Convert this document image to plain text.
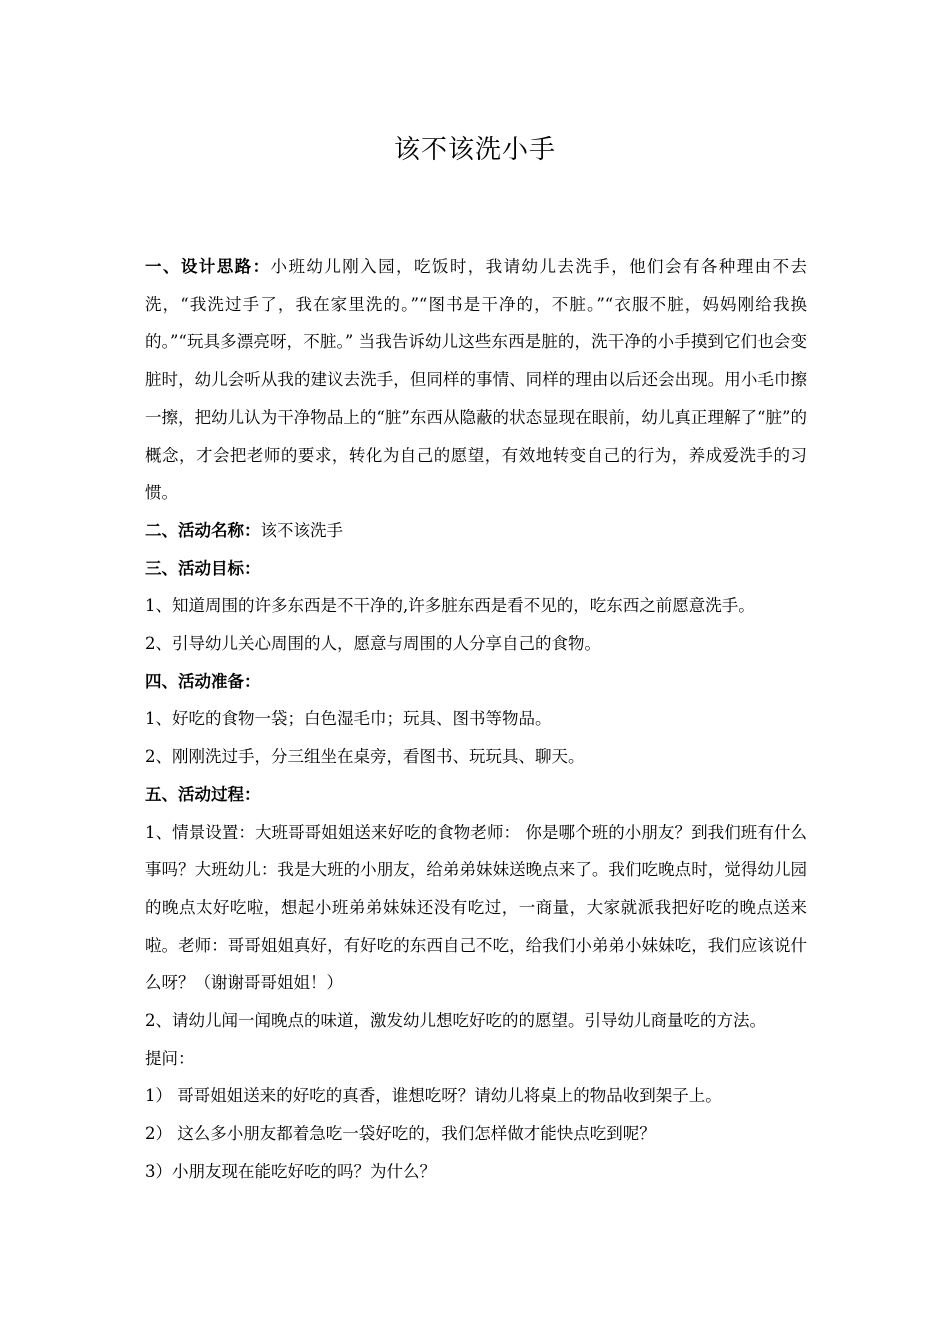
该不该洗小手

一、设计思路：小班幼儿刚入园，吃饭时，我请幼儿去洗手，他们会有各种理由不去洗，“我洗过手了，我在家里洗的。”“图书是干净的，不脏。”“衣服不脏，妈妈刚给我换的。”“玩具多漂亮呀，不脏。” 当我告诉幼儿这些东西是脏的，洗干净的小手摸到它们也会变脏时，幼儿会听从我的建议去洗手，但同样的事情、同样的理由以后还会出现。用小毛巾擦一擦，把幼儿认为干净物品上的“脏”东西从隐蔽的状态显现在眼前，幼儿真正理解了“脏”的概念，才会把老师的要求，转化为自己的愿望，有效地转变自己的行为，养成爱洗手的习惯。

二、活动名称：该不该洗手

三、活动目标：

1、知道周围的许多东西是不干净的,许多脏东西是看不见的，吃东西之前愿意洗手。

2、引导幼儿关心周围的人，愿意与周围的人分享自己的食物。

四、活动准备：

1、好吃的食物一袋；白色湿毛巾；玩具、图书等物品。

2、刚刚洗过手，分三组坐在桌旁，看图书、玩玩具、聊天。

五、活动过程：

1、情景设置：大班哥哥姐姐送来好吃的食物老师： 你是哪个班的小朋友？到我们班有什么事吗？大班幼儿：我是大班的小朋友，给弟弟妹妹送晚点来了。我们吃晚点时，觉得幼儿园的晚点太好吃啦，想起小班弟弟妹妹还没有吃过，一商量，大家就派我把好吃的晚点送来啦。老师：哥哥姐姐真好，有好吃的东西自己不吃，给我们小弟弟小妹妹吃，我们应该说什么呀？（谢谢哥哥姐姐！）

2、请幼儿闻一闻晚点的味道，激发幼儿想吃好吃的的愿望。引导幼儿商量吃的方法。

提问：

1） 哥哥姐姐送来的好吃的真香，谁想吃呀？请幼儿将桌上的物品收到架子上。

2） 这么多小朋友都着急吃一袋好吃的，我们怎样做才能快点吃到呢？

3）小朋友现在能吃好吃的吗？为什么？
